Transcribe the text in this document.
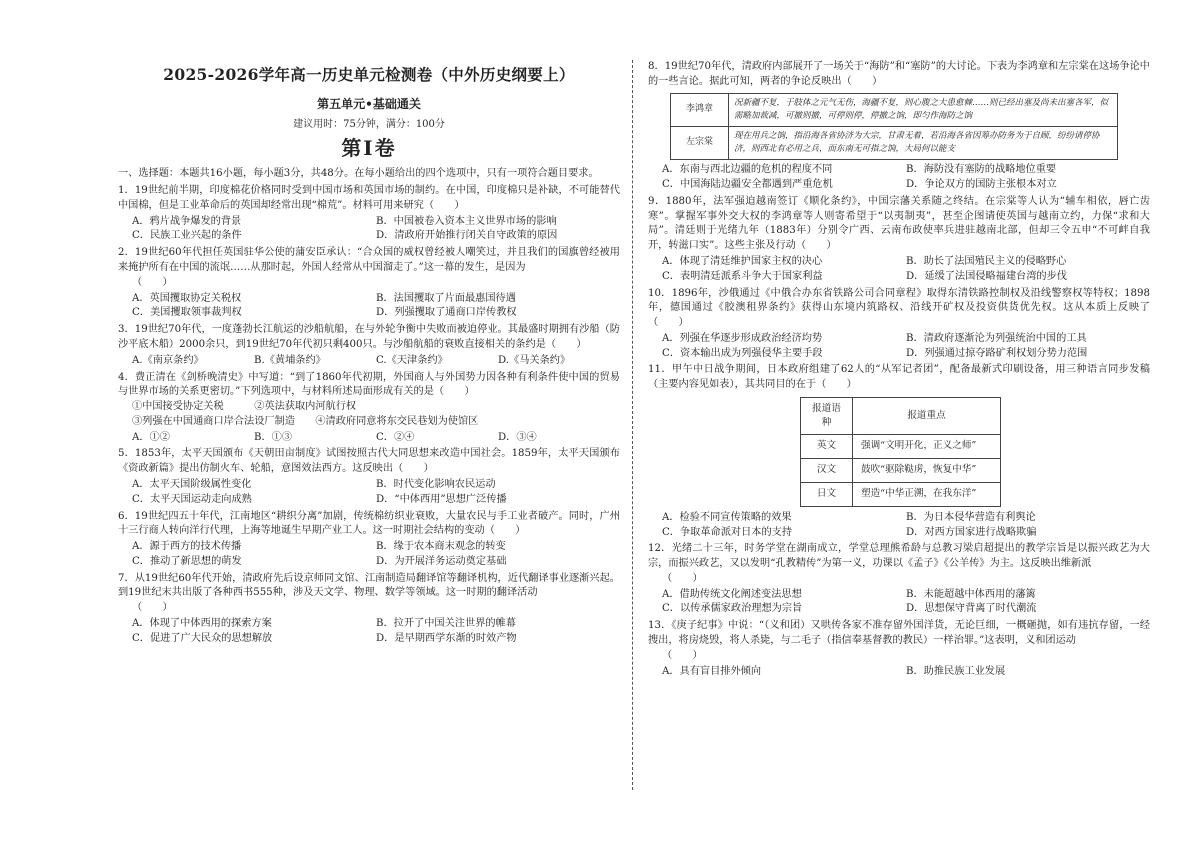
2025-2026学年高一历史单元检测卷（中外历史纲要上）
第五单元•基础通关
建议用时：75分钟，满分：100分
第Ⅰ卷

一、选择题：本题共16小题，每小题3分，共48分。在每小题给出的四个选项中，只有一项符合题目要求。

1．19世纪前半期，印度棉花价格同时受到中国市场和英国市场的制约。在中国，印度棉只是补缺，不可能替代中国棉，但是工业革命后的英国却经常出现“棉荒”。材料可用来研究（　　）

A．鸦片战争爆发的背景	B．中国被卷入资本主义世界市场的影响
C．民族工业兴起的条件	D．清政府开始推行闭关自守政策的原因

2．19世纪60年代担任英国驻华公使的蒲安臣承认：“合众国的威权曾经被人嘲笑过，并且我们的国旗曾经被用来掩护所有在中国的流氓……从那时起，外国人经常从中国溜走了。”这一幕的发生，是因为

（　　）

A．英国攫取协定关税权	B．法国攫取了片面最惠国待遇
C．美国攫取领事裁判权	D．列强攫取了通商口岸传教权

3．19世纪70年代，一度蓬勃长江航运的沙船航船，在与外轮争衡中失败而被迫停业。其最盛时期拥有沙船（防沙平底木船）2000余只，到19世纪70年代初只剩400只。与沙船航船的衰败直接相关的条约是（　　）

A.《南京条约》	B.《黄埔条约》	C.《天津条约》	D.《马关条约》

4．费正清在《剑桥晚清史》中写道：“到了1860年代初期，外国商人与外国势力因各种有利条件使中国的贸易与世界市场的关系更密切。”下列选项中，与材料所述局面形成有关的是（　　）

①中国接受协定关税　　　②英法获取内河航行权

③列强在中国通商口岸合法设厂制造　　④清政府同意将东交民巷划为使馆区

A．①②	B．①③	C．②④	D．③④

5．1853年，太平天国颁布《天朝田亩制度》试图按照古代大同思想来改造中国社会。1859年，太平天国颁布《资政新篇》提出仿制火车、轮船，意图效法西方。这反映出（　　）

A．太平天国阶级属性变化	B．时代变化影响农民运动
C．太平天国运动走向成熟	D．“中体西用”思想广泛传播

6．19世纪四五十年代，江南地区“耕织分离”加剧，传统棉纺织业衰败，大量农民与手工业者破产。同时，广州十三行商人转向洋行代理，上海等地诞生早期产业工人。这一时期社会结构的变动（　　）

A．源于西方的技术传播	B．缘于农本商末观念的转变
C．推动了新思想的萌发	D．为开展洋务运动奠定基础

7．从19世纪60年代开始，清政府先后设京师同文馆、江南制造局翻译馆等翻译机构，近代翻译事业逐渐兴起。到19世纪末共出版了各种西书555种，涉及天文学、物理、数学等领域。这一时期的翻译活动

（　　）

A．体现了中体西用的探索方案	B．拉开了中国关注世界的帷幕
C．促进了广大民众的思想解放	D．是早期西学东渐的时效产物

8．19世纪70年代，清政府内部展开了一场关于“海防”和“塞防”的大讨论。下表为李鸿章和左宗棠在这场争论中的一些言论。据此可知，两者的争论反映出（　　）

李鸿章	况新疆不复，于肢体之元气无伤，海疆不复，则心腹之大患愈棘……则已经出塞及尚未出塞各军，似需略加裁减，可撤则撤，可停则停，停撤之饷，即匀作海防之饷
左宗棠	现在用兵之饷，指沿海各省协济为大宗，甘肃无着，若沿海各省因筹办防务为于自顾，纷纷请停协济，则西北有必用之兵，而东南无可指之饷，大局何以能支
A．东南与西北边疆的危机的程度不同	B．海防没有塞防的战略地位重要
C．中国海陆边疆安全都遇到严重危机	D．争论双方的国防主张根本对立

9．1880年，法军强迫越南签订《顺化条约》，中国宗藩关系随之终结。在宗棠等人认为“辅车相依，唇亡齿寒”。掌握军事外交大权的李鸿章等人则寄希望于“以夷制夷”，甚至企图请使英国与越南立约，力保“求和大局”。清廷则于光绪九年（1883年）分别令广西、云南布政使率兵进驻越南北部，但却三令五申“不可衅自我开，转滋口实”。这些主张及行动（　　）

A．体现了清廷维护国家主权的决心	B．助长了法国殖民主义的侵略野心
C．表明清廷派系斗争大于国家利益	D．延缓了法国侵略福建台湾的步伐

10．1896年，沙俄通过《中俄合办东省铁路公司合同章程》取得东清铁路控制权及沿线警察权等特权；1898年，德国通过《胶澳租界条约》获得山东境内筑路权、沿线开矿权及投资供货优先权。这从本质上反映了（　　）

A．列强在华逐步形成政治经济均势	B．清政府逐渐沦为列强统治中国的工具
C．资本输出成为列强侵华主要手段	D．列强通过掠夺路矿利权划分势力范围

11．甲午中日战争期间，日本政府组建了62人的“从军记者团”，配备最新式印刷设备，用三种语言同步发稿（主要内容见如表），其共同目的在于（　　）

报道语种	报道重点
英文	强调“文明开化，正义之师”
汉文	鼓吹“驱除鞑虏，恢复中华”
日文	塑造“中华正溯，在我东洋”
A．检验不同宣传策略的效果	B．为日本侵华营造有利舆论
C．争取革命派对日本的支持	D．对西方国家进行战略欺骗

12．光绪二十三年，时务学堂在湖南成立，学堂总理熊希龄与总教习梁启超提出的教学宗旨是以振兴政艺为大宗，而振兴政艺，又以发明“孔教精传”为第一义，功课以《孟子》《公羊传》为主。这反映出维新派

（　　）

A．借助传统文化阐述变法思想	B．未能超越中体西用的藩篱
C．以传承儒家政治理想为宗旨	D．思想保守背离了时代潮流

13．《庚子纪事》中说：“（义和团）又哄传各家不准存留外国洋货，无论巨细，一概砸抛，如有违抗存留，一经搜出，将房烧毁，将人杀毙，与二毛子（指信奉基督教的教民）一样治罪。”这表明，义和团运动

（　　）

A．具有盲目排外倾向	B．助推民族工业发展
